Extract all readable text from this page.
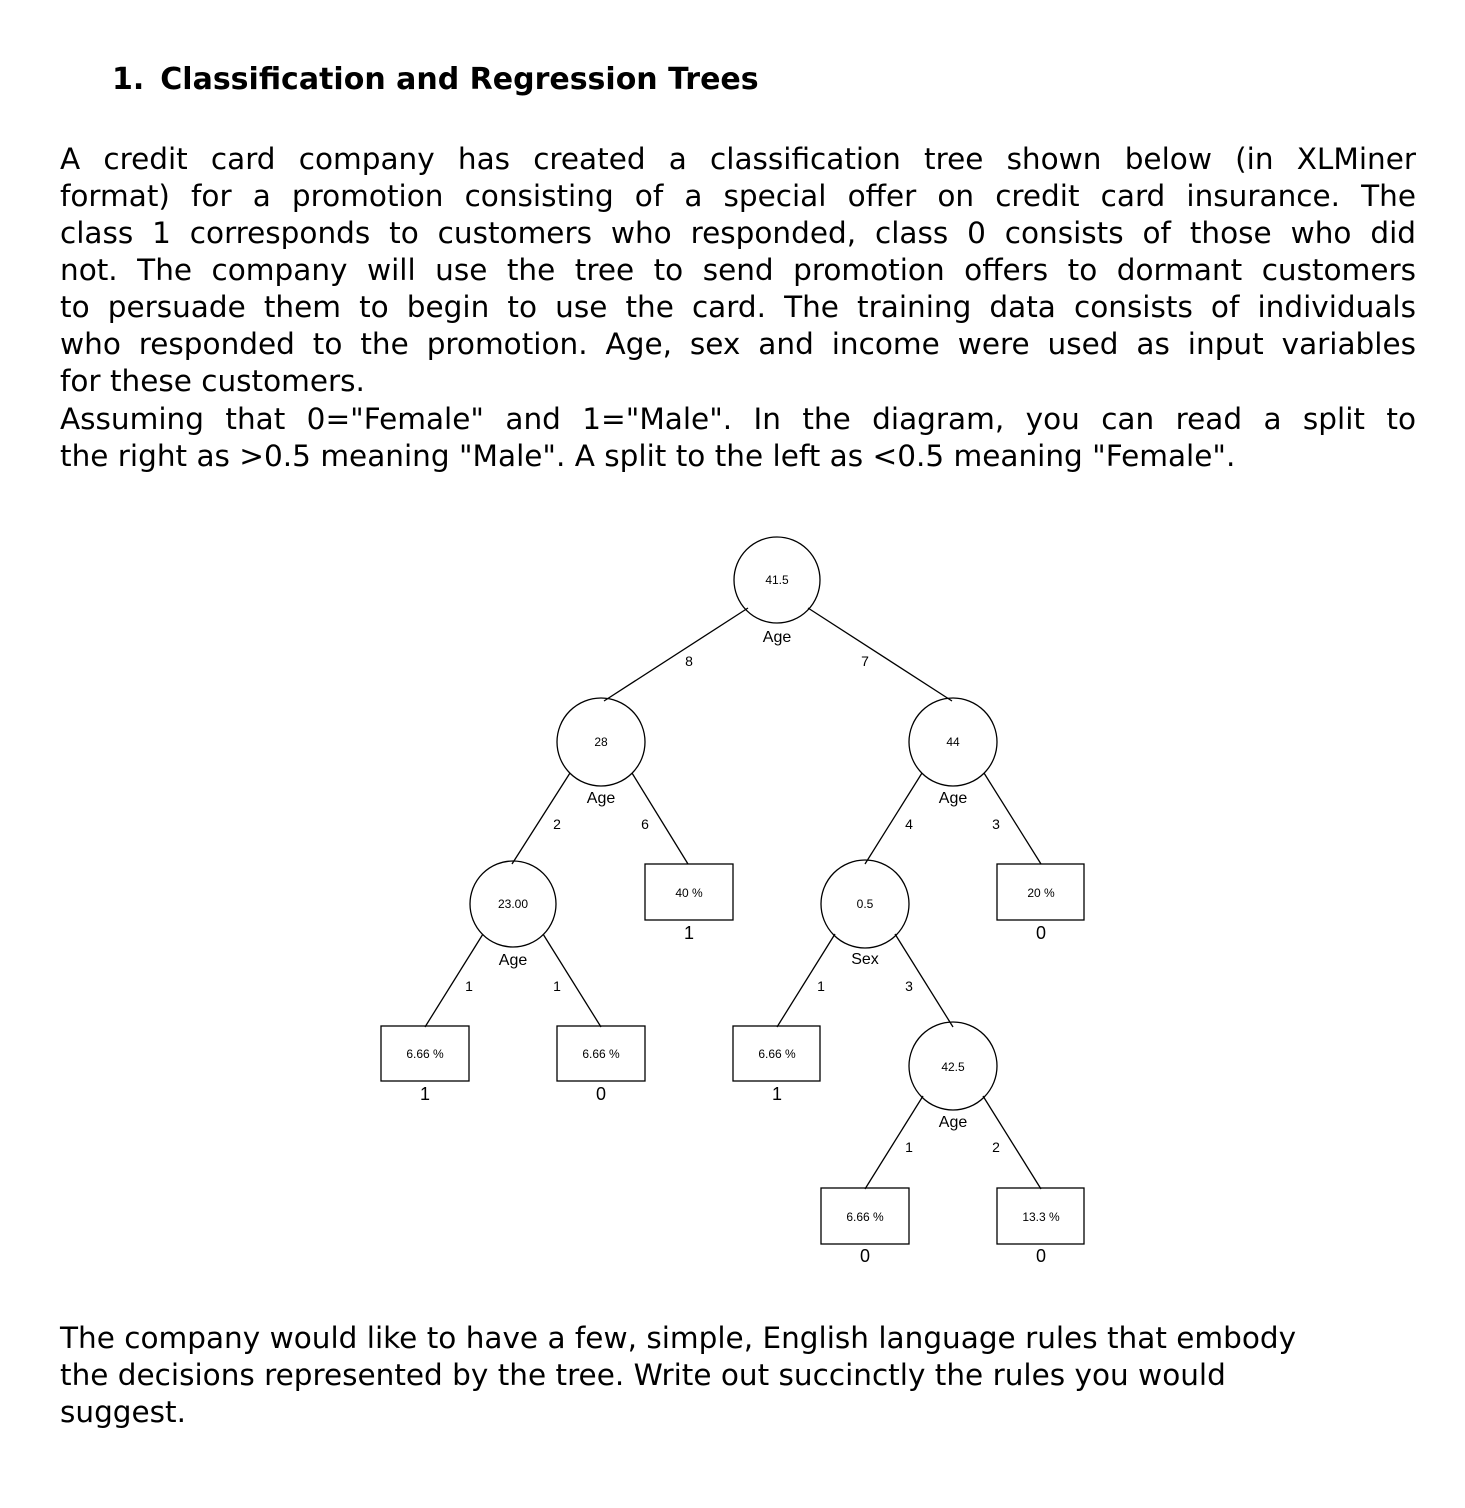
1. Classification and Regression Trees

A credit card company has created a classification tree shown below (in XLMiner
format) for a promotion consisting of a special offer on credit card insurance. The
class 1 corresponds to customers who responded, class 0 consists of those who did
not. The company will use the tree to send promotion offers to dormant customers
to persuade them to begin to use the card. The training data consists of individuals
who responded to the promotion. Age, sex and income were used as input variables
for these customers.

Assuming that 0="Female" and 1="Male". In the diagram, you can read a split to
the right as >0.5 meaning "Male". A split to the left as <0.5 meaning "Female".

41.5
28	44
23.00	0.5
42.5
Age
Age	Age
Age	Sex
Age
8	7
2	6	4	3
1	1	1	3
1	2
40 %	20 %
6.66 %	6.66 %	6.66 %
6.66 %	13.3 %
1	0
1	0	1
0	0

The company would like to have a few, simple, English language rules that embody
the decisions represented by the tree. Write out succinctly the rules you would
suggest.
